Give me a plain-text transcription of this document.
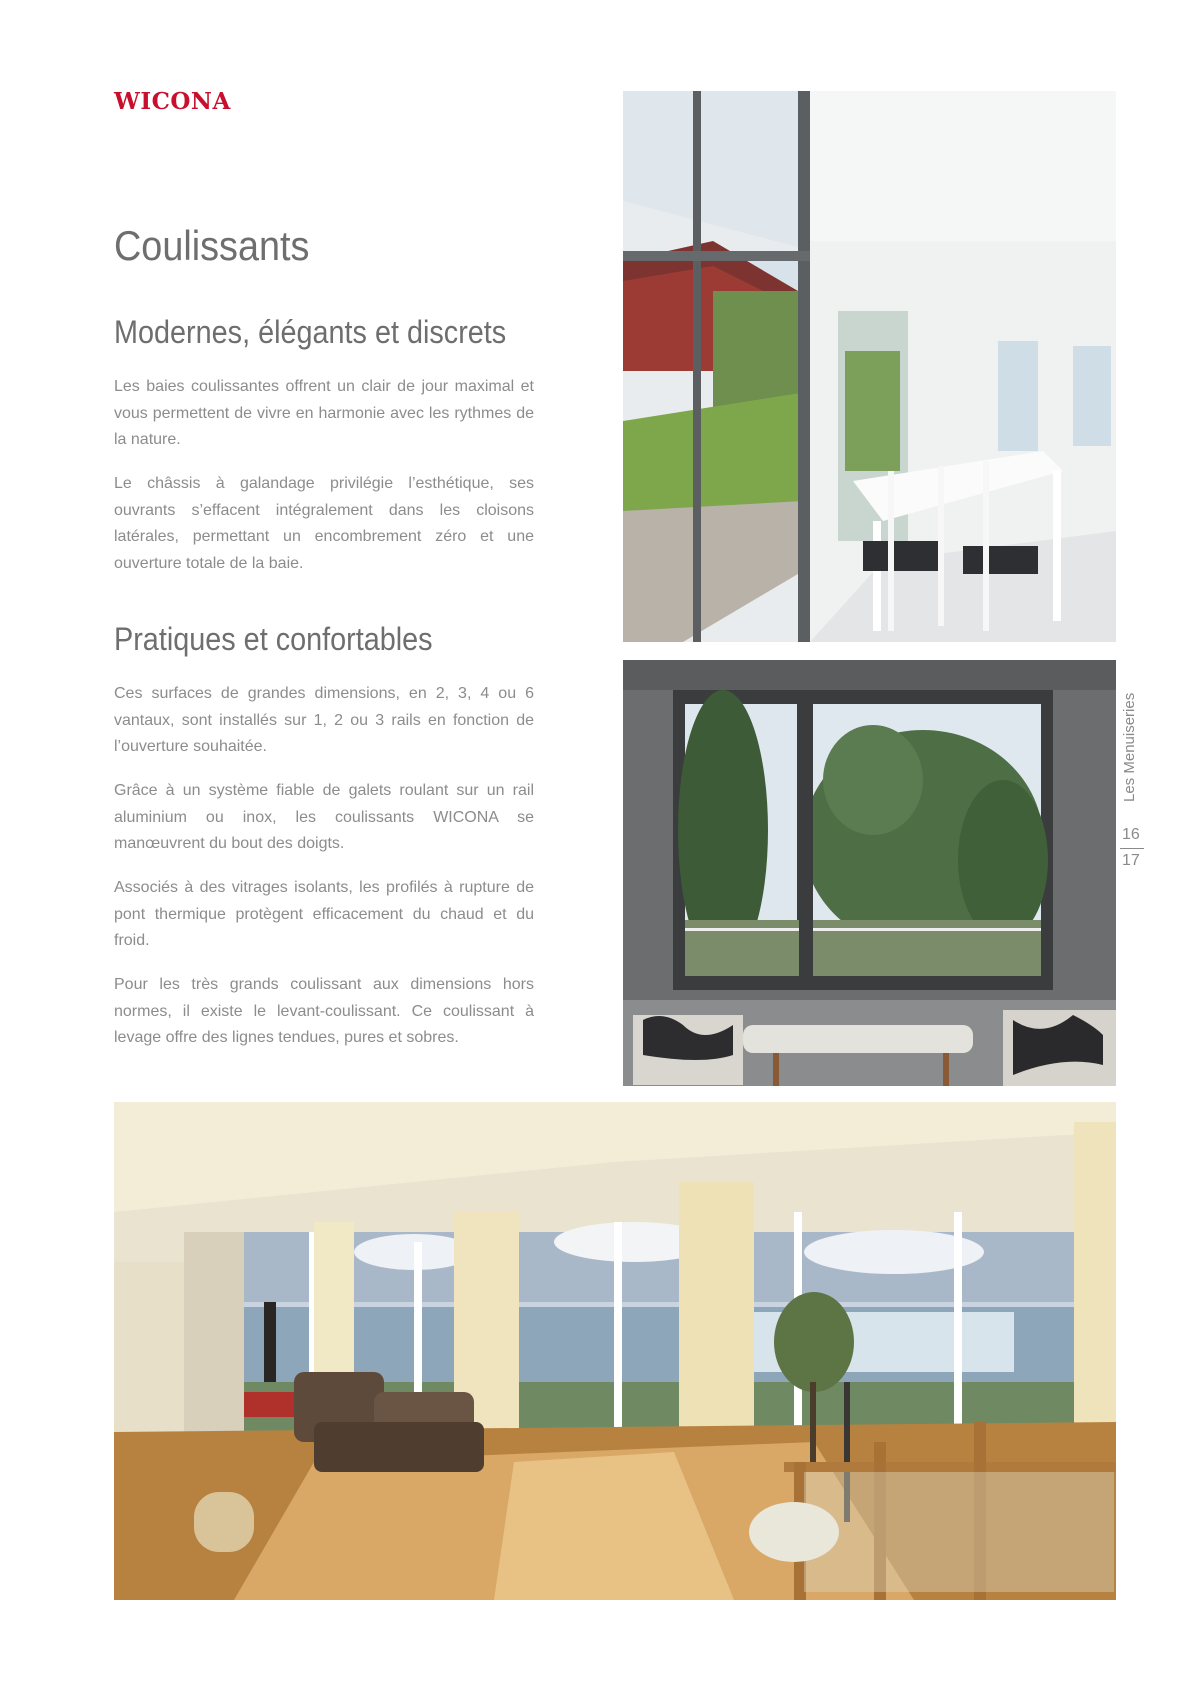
WICONA
Coulissants
Modernes, élégants et discrets

Les baies coulissantes offrent un clair de jour maximal et vous permettent de vivre en harmonie avec les rythmes de la nature.

Le châssis à galandage privilégie l’esthétique, ses ouvrants s’effacent intégralement dans les cloisons latérales, permettant un encombrement zéro et une ouverture totale de la baie.

Pratiques et confortables

Ces surfaces de grandes dimensions, en 2, 3, 4 ou 6 vantaux, sont installés sur 1, 2 ou 3 rails en fonction de l’ouverture souhaitée.

Grâce à un système fiable de galets roulant sur un rail aluminium ou inox, les coulissants WICONA se manœuvrent du bout des doigts.

Associés à des vitrages isolants, les profilés à rupture de pont thermique protègent efficacement du chaud et du froid.

Pour les très grands coulissant aux dimensions hors normes, il existe le levant-coulissant. Ce coulissant à levage offre des lignes tendues, pures et sobres.

Les Menuiseries
16
17
